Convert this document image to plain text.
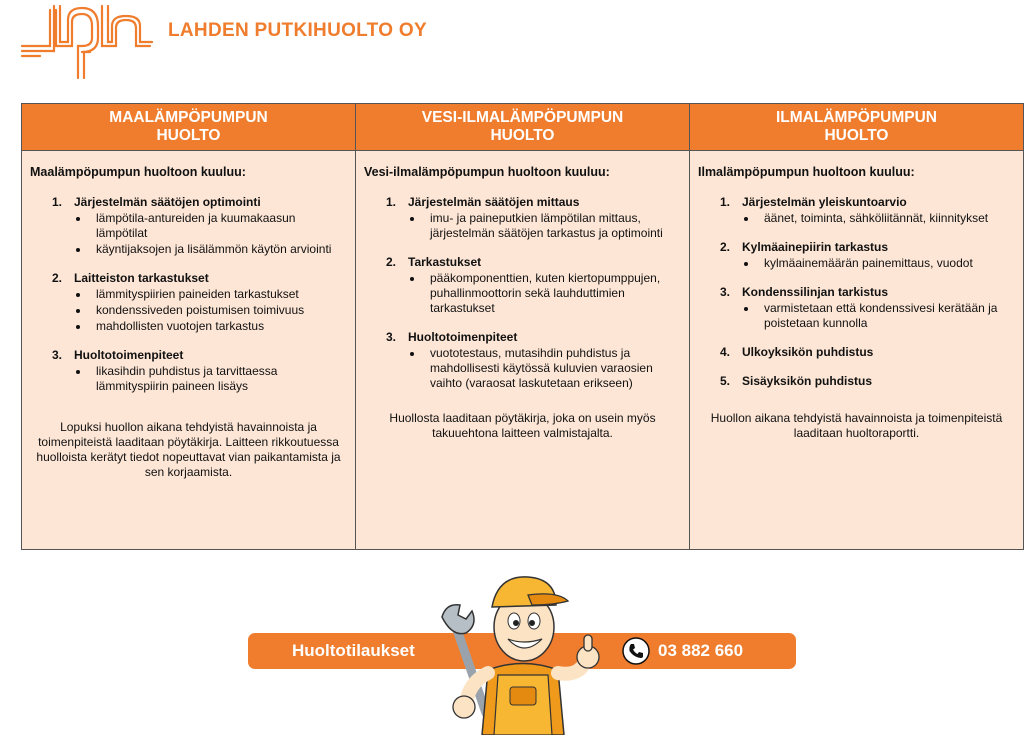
LAHDEN PUTKIHUOLTO OY
MAALÄMPÖPUMPUN
HUOLTO
Maalämpöpumpun huoltoon kuuluu:
1. Järjestelmän säätöjen optimointi
lämpötila-antureiden ja kuumakaasun lämpötilat
käyntijaksojen ja lisälämmön käytön arviointi
2. Laitteiston tarkastukset
lämmityspiirien paineiden tarkastukset
kondenssiveden poistumisen toimivuus
mahdollisten vuotojen tarkastus
3. Huoltotoimenpiteet
likasihdin puhdistus ja tarvittaessa lämmityspiirin paineen lisäys
Lopuksi huollon aikana tehdyistä havainnoista ja toimenpiteistä laaditaan pöytäkirja. Laitteen rikkoutuessa huolloista kerätyt tiedot nopeuttavat vian paikantamista ja sen korjaamista.
VESI-ILMALÄMPÖPUMPUN
HUOLTO
Vesi-ilmalämpöpumpun huoltoon kuuluu:
1. Järjestelmän säätöjen mittaus
imu- ja paineputkien lämpötilan mittaus, järjestelmän säätöjen tarkastus ja optimointi
2. Tarkastukset
pääkomponenttien, kuten kiertopumppujen, puhallinmoottorin sekä lauhduttimien tarkastukset
3. Huoltotoimenpiteet
vuototestaus, mutasihdin puhdistus ja mahdollisesti käytössä kuluvien varaosien vaihto (varaosat laskutetaan erikseen)
Huollosta laaditaan pöytäkirja, joka on usein myös takuuehtona laitteen valmistajalta.
ILMALÄMPÖPUMPUN
HUOLTO
Ilmalämpöpumpun huoltoon kuuluu:
1. Järjestelmän yleiskuntoarvio
äänet, toiminta, sähköliitännät, kiinnitykset
2. Kylmäainepiirin tarkastus
kylmäainemäärän painemittaus, vuodot
3. Kondenssilinjan tarkistus
varmistetaan että kondenssivesi kerätään ja poistetaan kunnolla
4. Ulkoyksikön puhdistus
5. Sisäyksikön puhdistus
Huollon aikana tehdyistä havainnoista ja toimenpiteistä laaditaan huoltoraportti.
Huoltotilaukset	03 882 660
